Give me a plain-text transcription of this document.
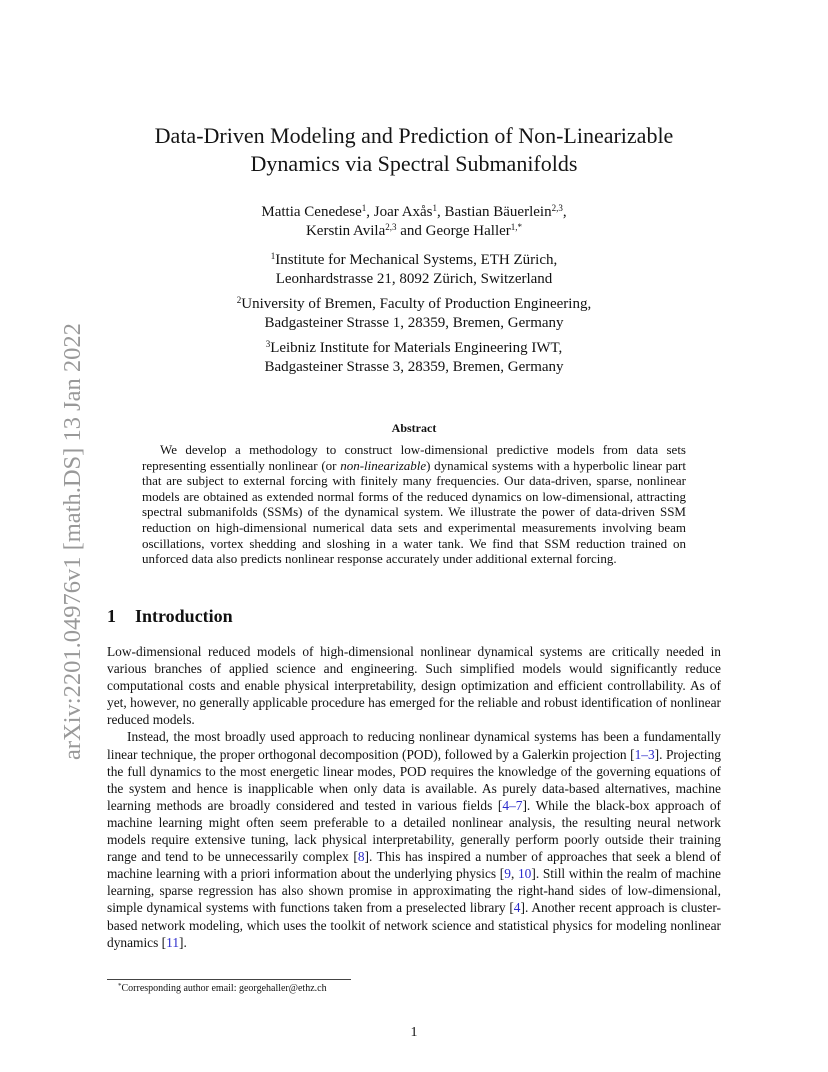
arXiv:2201.04976v1 [math.DS] 13 Jan 2022
Data-Driven Modeling and Prediction of Non-Linearizable
Dynamics via Spectral Submanifolds
Mattia Cenedese$^1$, Joar Axås$^1$, Bastian Bäuerlein$^{2,3}$,
Kerstin Avila$^{2,3}$ and George Haller$^{1,*}$
$^1$Institute for Mechanical Systems, ETH Zürich,
Leonhardstrasse 21, 8092 Zürich, Switzerland
$^2$University of Bremen, Faculty of Production Engineering,
Badgasteiner Strasse 1, 28359, Bremen, Germany
$^3$Leibniz Institute for Materials Engineering IWT,
Badgasteiner Strasse 3, 28359, Bremen, Germany
Abstract
We develop a methodology to construct low-dimensional predictive models from data sets representing essentially nonlinear (or non-linearizable) dynamical systems with a hyperbolic linear part that are subject to external forcing with finitely many frequencies. Our data-driven, sparse, nonlinear models are obtained as extended normal forms of the reduced dynamics on low-dimensional, attracting spectral submanifolds (SSMs) of the dynamical system. We illustrate the power of data-driven SSM reduction on high-dimensional numerical data sets and experimental measurements involving beam oscillations, vortex shedding and sloshing in a water tank. We find that SSM reduction trained on unforced data also predicts nonlinear response accurately under additional external forcing.
1 Introduction

Low-dimensional reduced models of high-dimensional nonlinear dynamical systems are critically needed in various branches of applied science and engineering. Such simplified models would significantly reduce computational costs and enable physical interpretability, design optimization and efficient controllability. As of yet, however, no generally applicable procedure has emerged for the reliable and robust identification of nonlinear reduced models.

Instead, the most broadly used approach to reducing nonlinear dynamical systems has been a fundamentally linear technique, the proper orthogonal decomposition (POD), followed by a Galerkin projection [1–3]. Projecting the full dynamics to the most energetic linear modes, POD requires the knowledge of the governing equations of the system and hence is inapplicable when only data is available. As purely data-based alternatives, machine learning methods are broadly considered and tested in various fields [4–7]. While the black-box approach of machine learning might often seem preferable to a detailed nonlinear analysis, the resulting neural network models require extensive tuning, lack physical interpretability, generally perform poorly outside their training range and tend to be unnecessarily complex [8]. This has inspired a number of approaches that seek a blend of machine learning with a priori information about the underlying physics [9, 10]. Still within the realm of machine learning, sparse regression has also shown promise in approximating the right-hand sides of low-dimensional, simple dynamical systems with functions taken from a preselected library [4]. Another recent approach is cluster-based network modeling, which uses the toolkit of network science and statistical physics for modeling nonlinear dynamics [11].

*Corresponding author email: georgehaller@ethz.ch
1
